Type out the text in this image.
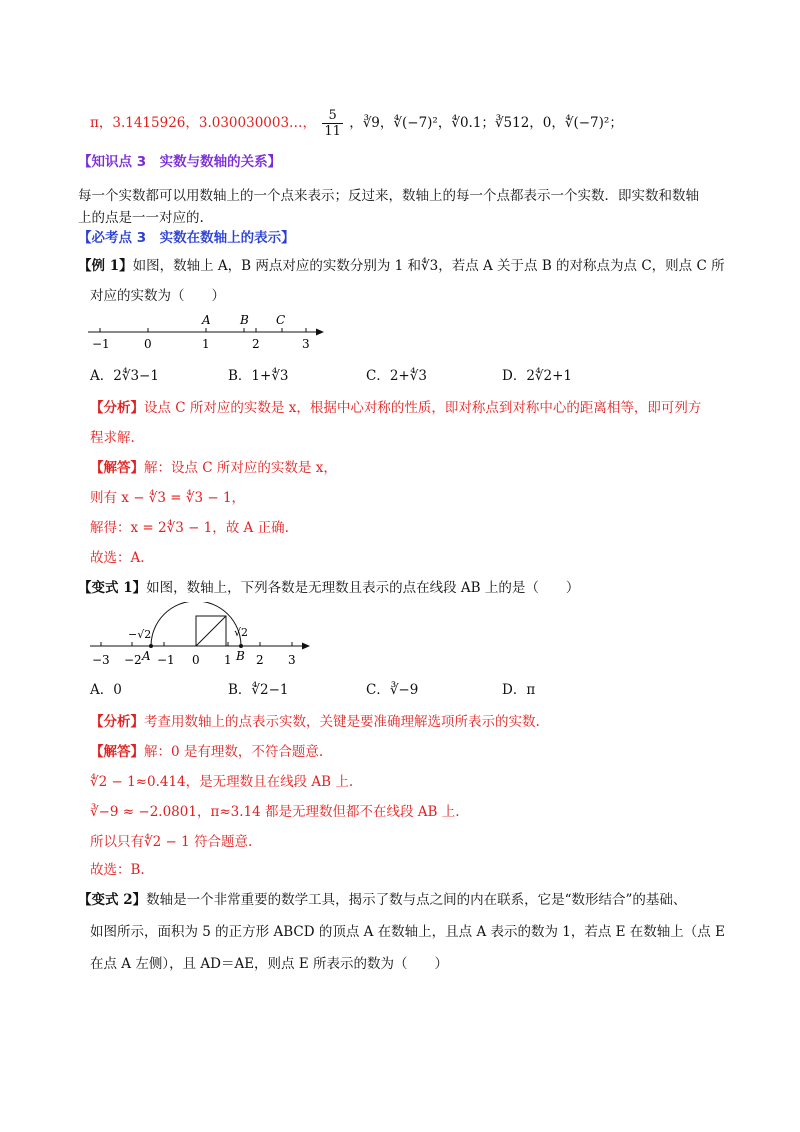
π，3.1415926，3.030030003…， $\frac{5}{11}$ ，∛9，∜(−7)²，∜0.1；∛512，0，∜(−7)²；
【知识点 3　实数与数轴的关系】
每一个实数都可以用数轴上的一个点来表示；反过来，数轴上的每一个点都表示一个实数．即实数和数轴
上的点是一一对应的.
【必考点 3　实数在数轴上的表示】
【例 1】如图，数轴上 A，B 两点对应的实数分别为 1 和∜3，若点 A 关于点 B 的对称点为点 C，则点 C 所
对应的实数为（　　）
−1	0	1	2	3
A B C
A．2∜3−1	B．1+∜3	C．2+∜3	D．2∜2+1
【分析】设点 C 所对应的实数是 x，根据中心对称的性质，即对称点到对称中心的距离相等，即可列方
程求解.
【解答】解：设点 C 所对应的实数是 x，
则有 x − ∜3 = ∜3 − 1，
解得：x = 2∜3 − 1，故 A 正确.
故选：A.
【变式 1】如图，数轴上，下列各数是无理数且表示的点在线段 AB 上的是（　　）
−√2	√2
−3 −2 −1 0 1 2 3
A	B
A．0	B．∜2−1	C．∛−9	D．π
【分析】考查用数轴上的点表示实数，关键是要准确理解选项所表示的实数.
【解答】解：0 是有理数，不符合题意.
∜2 − 1≈0.414，是无理数且在线段 AB 上.
∛−9 ≈ −2.0801，π≈3.14 都是无理数但都不在线段 AB 上.
所以只有∜2 − 1 符合题意.
故选：B.
【变式 2】数轴是一个非常重要的数学工具，揭示了数与点之间的内在联系，它是“数形结合”的基础、
如图所示，面积为 5 的正方形 ABCD 的顶点 A 在数轴上，且点 A 表示的数为 1，若点 E 在数轴上（点 E
在点 A 左侧），且 AD＝AE，则点 E 所表示的数为（　　）
